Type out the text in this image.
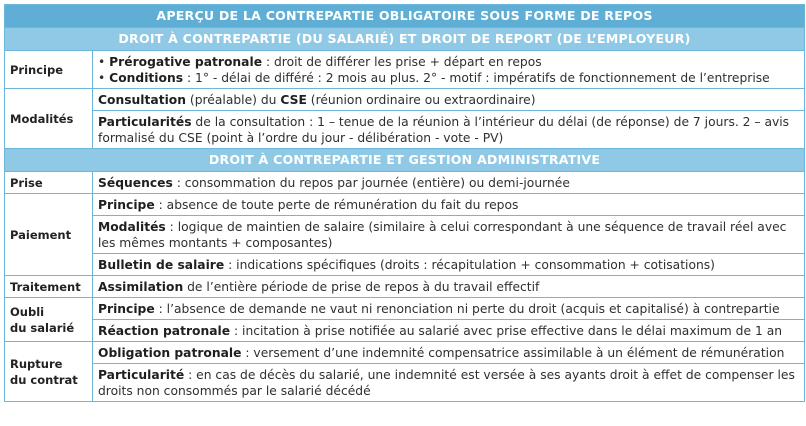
APERÇU DE LA CONTREPARTIE OBLIGATOIRE SOUS FORME DE REPOS	
DROIT À CONTREPARTIE (DU SALARIÉ) ET DROIT DE REPORT (DE L’EMPLOYEUR)	
Principe	• Prérogative patronale : droit de différer les prise + départ en repos
• Conditions : 1° - délai de différé : 2 mois au plus. 2° - motif : impératifs de fonctionnement de l’entreprise

Modalités	Consultation (préalable) du CSE (réunion ordinaire ou extraordinaire)
	Particularités de la consultation : 1 – tenue de la réunion à l’intérieur du délai (de réponse) de 7 jours. 2 – avis formalisé du CSE (point à l’ordre du jour - délibération - vote - PV)
DROIT À CONTREPARTIE ET GESTION ADMINISTRATIVE	
Prise	Séquences : consommation du repos par journée (entière) ou demi-journée
Paiement	Principe : absence de toute perte de rémunération du fait du repos
	Modalités : logique de maintien de salaire (similaire à celui correspondant à une séquence de travail réel avec les mêmes montants + composantes)
	Bulletin de salaire : indications spécifiques (droits : récapitulation + consommation + cotisations)
Traitement	Assimilation de l’entière période de prise de repos à du travail effectif

Oubli
du salarié	Principe : l’absence de demande ne vaut ni renonciation ni perte du droit (acquis et capitalisé) à contrepartie
	Réaction patronale : incitation à prise notifiée au salarié avec prise effective dans le délai maximum de 1 an

Rupture
du contrat	Obligation patronale : versement d’une indemnité compensatrice assimilable à un élément de rémunération
	Particularité : en cas de décès du salarié, une indemnité est versée à ses ayants droit à effet de compenser les droits non consommés par le salarié décédé
